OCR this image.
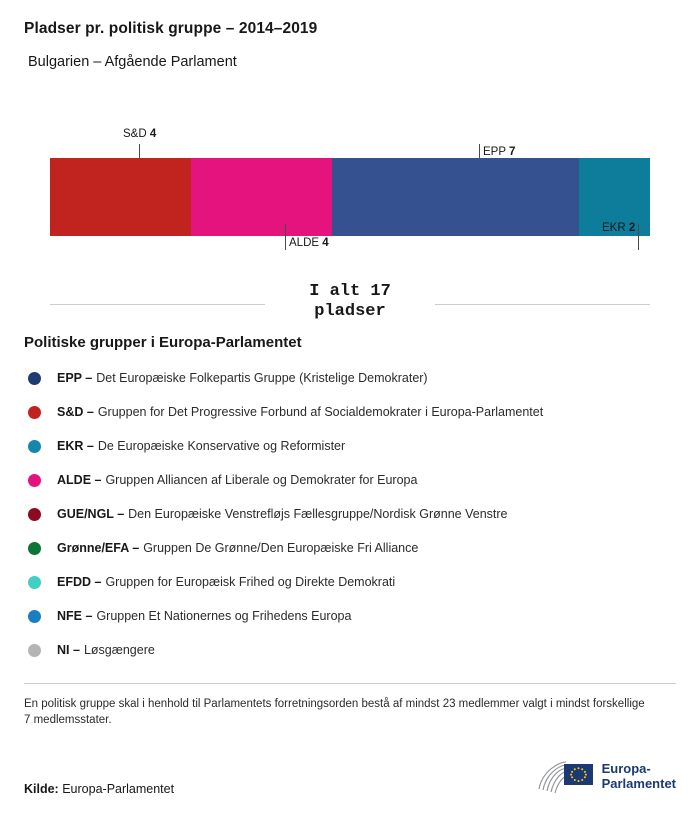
Pladser pr. politisk gruppe – 2014–2019
Bulgarien – Afgående Parlament
S&D 4
EPP 7
ALDE 4
EKR 2
I alt 17
pladser
Politiske grupper i Europa-Parlamentet
EPP – Det Europæiske Folkepartis Gruppe (Kristelige Demokrater)
S&D – Gruppen for Det Progressive Forbund af Socialdemokrater i Europa-Parlamentet
EKR – De Europæiske Konservative og Reformister
ALDE – Gruppen Alliancen af Liberale og Demokrater for Europa
GUE/NGL – Den Europæiske Venstrefløjs Fællesgruppe/Nordisk Grønne Venstre
Grønne/EFA – Gruppen De Grønne/Den Europæiske Fri Alliance
EFDD – Gruppen for Europæisk Frihed og Direkte Demokrati
NFE – Gruppen Et Nationernes og Frihedens Europa
NI – Løsgængere

En politisk gruppe skal i henhold til Parlamentets forretningsorden bestå af mindst 23 medlemmer valgt i mindst forskellige 7 medlemsstater.

Kilde: Europa-Parlamentet
Europa-
Parlamentet
